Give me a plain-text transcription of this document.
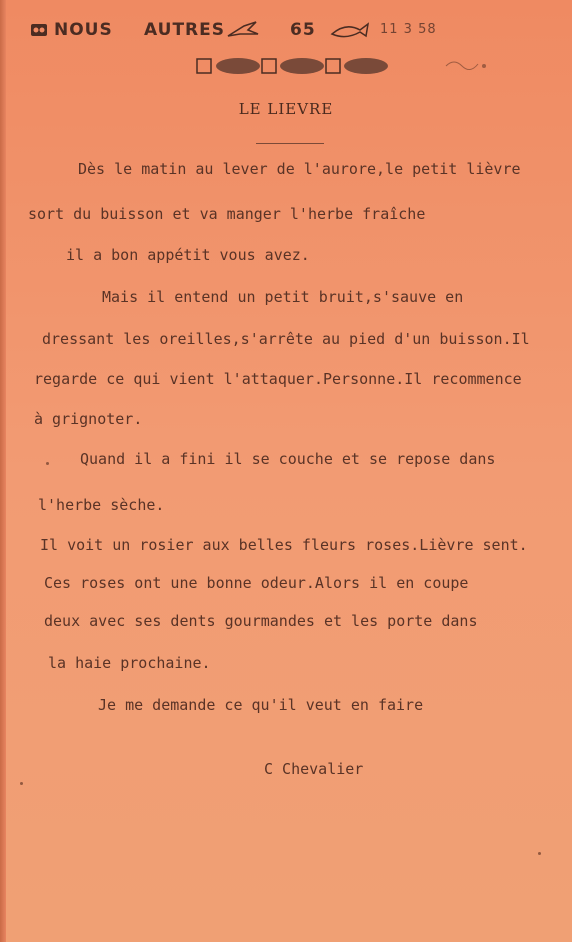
NOUS AUTRES	65	11 3 58
LE LIEVRE
Dès le matin au lever de l'aurore,le petit lièvre
sort du buisson et va manger l'herbe fraîche
il a bon appétit vous avez.
Mais il entend un petit bruit,s'sauve en
dressant les oreilles,s'arrête au pied d'un buisson.Il
regarde ce qui vient l'attaquer.Personne.Il recommence
à grignoter.
Quand il a fini il se couche et se repose dans
l'herbe sèche.
Il voit un rosier aux belles fleurs roses.Lièvre sent.
Ces roses ont une bonne odeur.Alors il en coupe
deux avec ses dents gourmandes et les porte dans
la haie prochaine.
Je me demande ce qu'il veut en faire
C Chevalier
